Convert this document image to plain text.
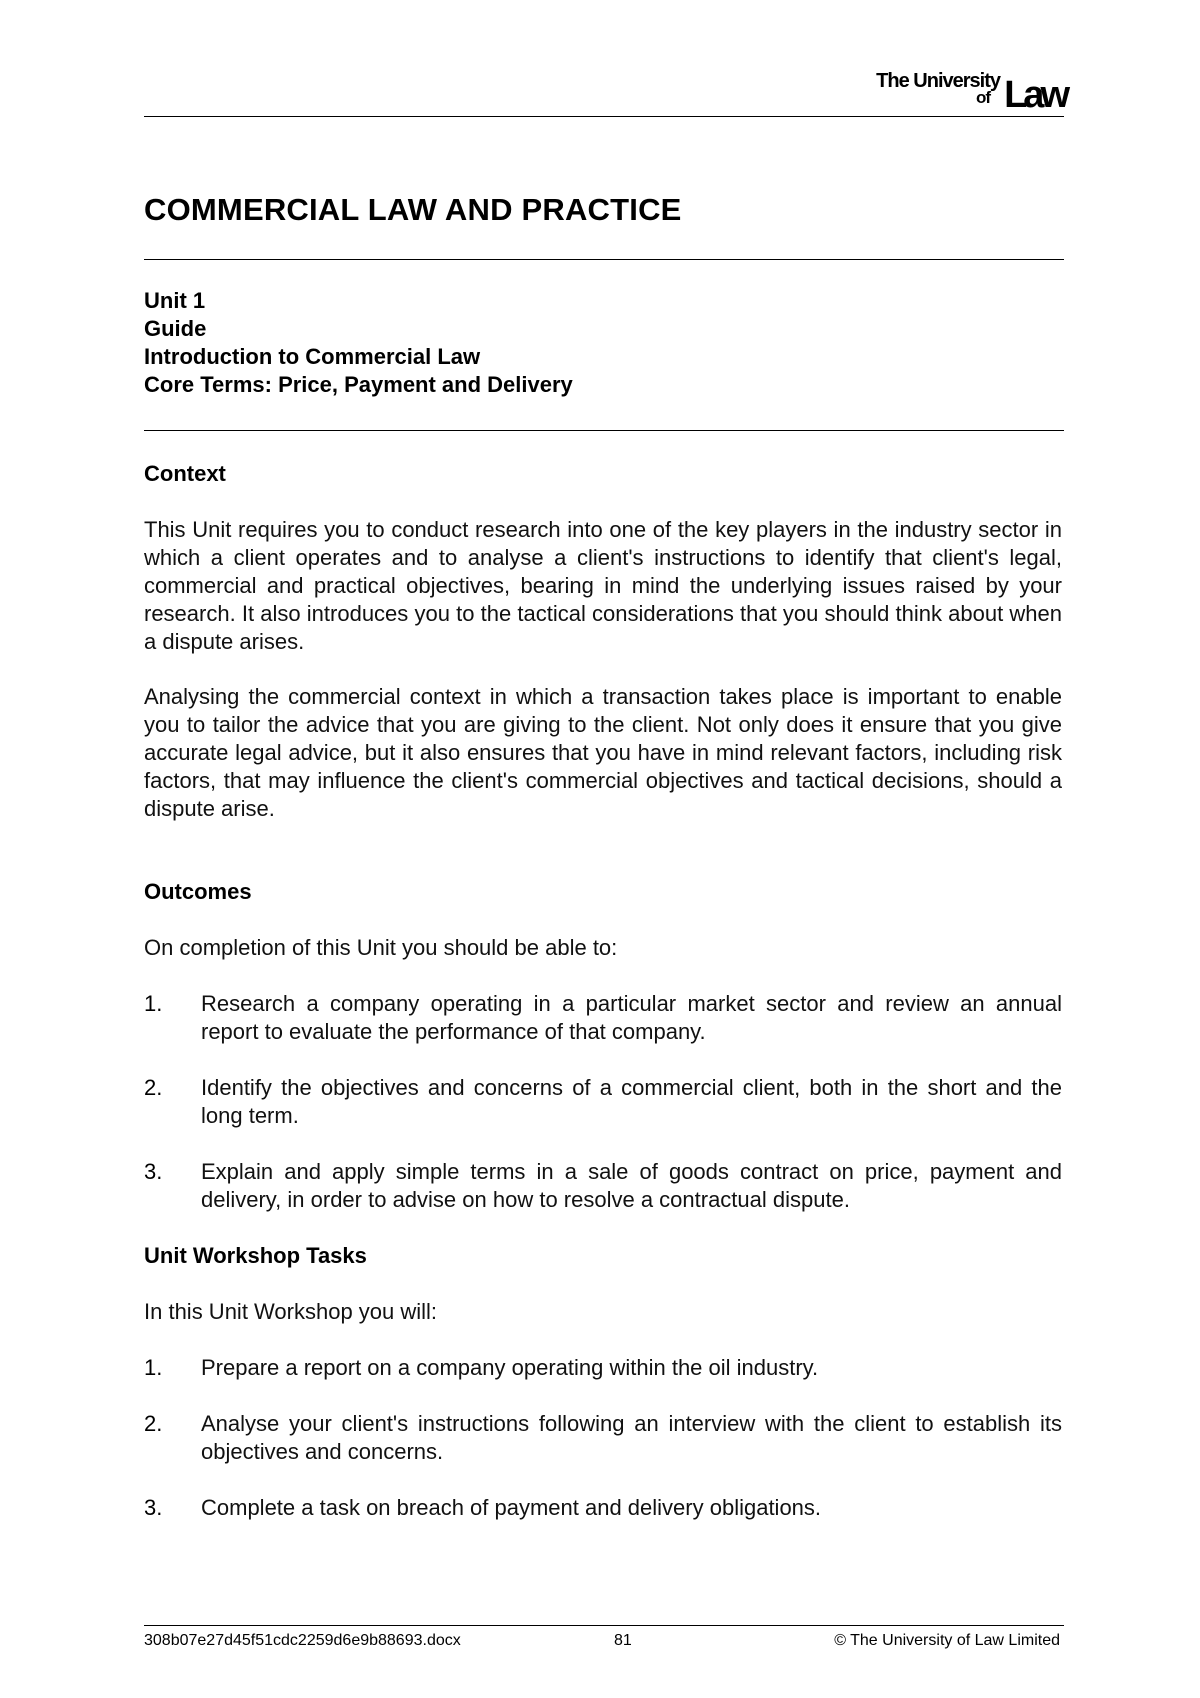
The University
of Law
COMMERCIAL LAW AND PRACTICE
Unit 1
Guide
Introduction to Commercial Law
Core Terms: Price, Payment and Delivery
Context

This Unit requires you to conduct research into one of the key players in the industry sector in which a client operates and to analyse a client's instructions to identify that client's legal, commercial and practical objectives, bearing in mind the underlying issues raised by your research. It also introduces you to the tactical considerations that you should think about when a dispute arises.

Analysing the commercial context in which a transaction takes place is important to enable you to tailor the advice that you are giving to the client. Not only does it ensure that you give accurate legal advice, but it also ensures that you have in mind relevant factors, including risk factors, that may influence the client's commercial objectives and tactical decisions, should a dispute arise.

Outcomes

On completion of this Unit you should be able to:

1. Research a company operating in a particular market sector and review an annual report to evaluate the performance of that company.
2. Identify the objectives and concerns of a commercial client, both in the short and the long term.
3. Explain and apply simple terms in a sale of goods contract on price, payment and delivery, in order to advise on how to resolve a contractual dispute.
Unit Workshop Tasks

In this Unit Workshop you will:

1. Prepare a report on a company operating within the oil industry.
2. Analyse your client's instructions following an interview with the client to establish its objectives and concerns.
3. Complete a task on breach of payment and delivery obligations.
308b07e27d45f51cdc2259d6e9b88693.docx	81	© The University of Law Limited
